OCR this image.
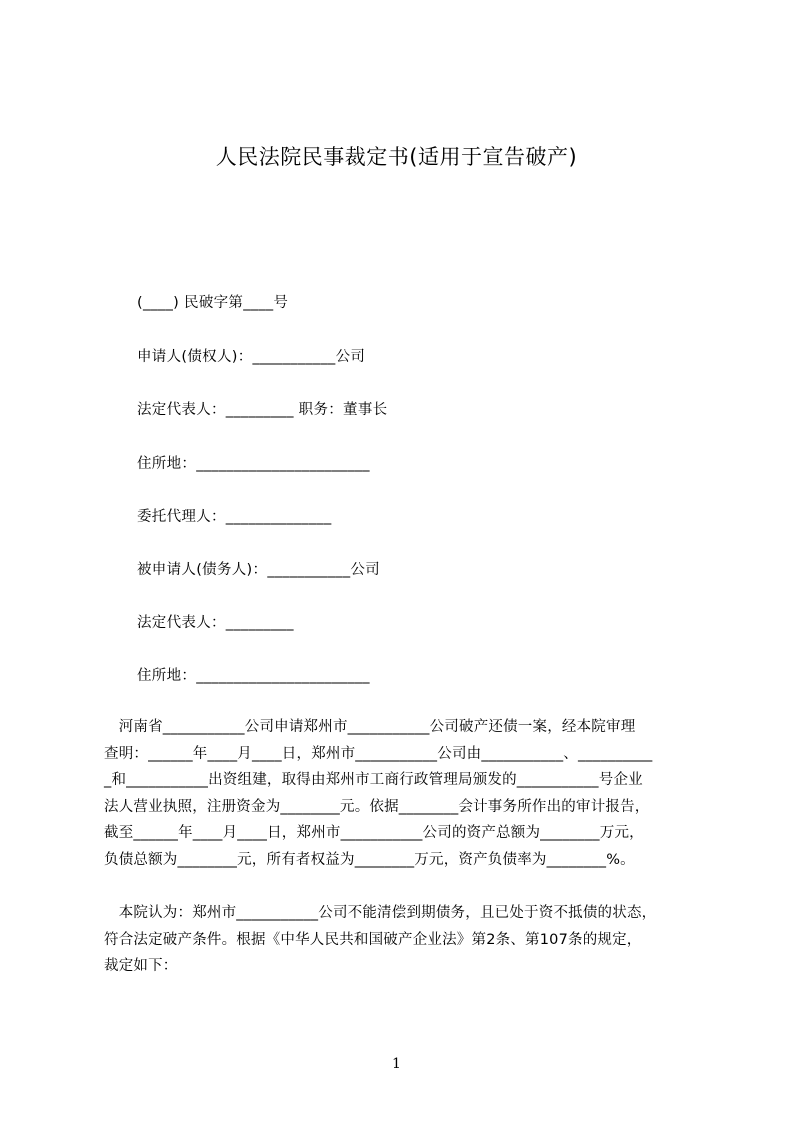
人民法院民事裁定书(适用于宣告破产)
(____) 民破字第____号
申请人(债权人)：___________公司
法定代表人：_________ 职务：董事长
住所地：_______________________
委托代理人：______________
被申请人(债务人)：___________公司
法定代表人：_________
住所地：_______________________
　河南省___________公司申请郑州市___________公司破产还债一案，经本院审理
查明：______年____月____日，郑州市___________公司由___________、__________
_和___________出资组建，取得由郑州市工商行政管理局颁发的___________号企业
法人营业执照，注册资金为________元。依据________会计事务所作出的审计报告，
截至______年____月____日，郑州市___________公司的资产总额为________万元，
负债总额为________元，所有者权益为________万元，资产负债率为________%。
　本院认为：郑州市___________公司不能清偿到期债务，且已处于资不抵债的状态，
符合法定破产条件。根据《中华人民共和国破产企业法》第2条、第107条的规定，
裁定如下：
1
